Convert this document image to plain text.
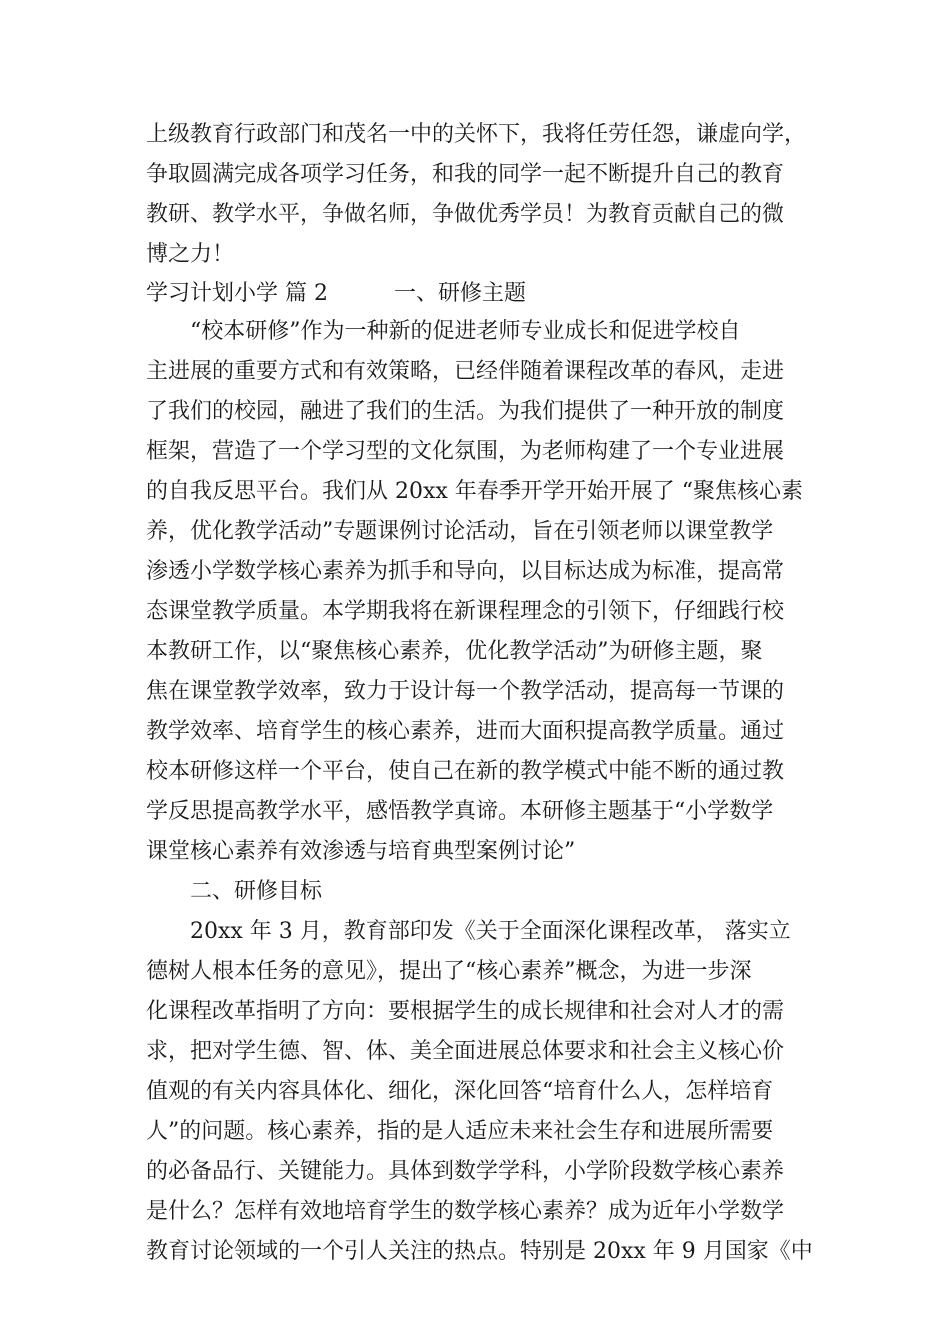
上级教育行政部门和茂名一中的关怀下，我将任劳任怨，谦虚向学，
争取圆满完成各项学习任务，和我的同学一起不断提升自己的教育
教研、教学水平，争做名师，争做优秀学员！为教育贡献自己的微
博之力！
学习计划小学 篇 2　　　一、研修主题
　　“校本研修”作为一种新的促进老师专业成长和促进学校自
主进展的重要方式和有效策略，已经伴随着课程改革的春风，走进
了我们的校园，融进了我们的生活。为我们提供了一种开放的制度
框架，营造了一个学习型的文化氛围，为老师构建了一个专业进展
的自我反思平台。我们从 20xx 年春季开学开始开展了 “聚焦核心素
养，优化教学活动”专题课例讨论活动，旨在引领老师以课堂教学
渗透小学数学核心素养为抓手和导向，以目标达成为标准，提高常
态课堂教学质量。本学期我将在新课程理念的引领下，仔细践行校
本教研工作，以“聚焦核心素养，优化教学活动”为研修主题，聚
焦在课堂教学效率，致力于设计每一个教学活动，提高每一节课的
教学效率、培育学生的核心素养，进而大面积提高教学质量。通过
校本研修这样一个平台，使自己在新的教学模式中能不断的通过教
学反思提高教学水平，感悟教学真谛。本研修主题基于“小学数学
课堂核心素养有效渗透与培育典型案例讨论”
　　二、研修目标
　　20xx 年 3 月，教育部印发《关于全面深化课程改革， 落实立
德树人根本任务的意见》，提出了“核心素养”概念，为进一步深
化课程改革指明了方向：要根据学生的成长规律和社会对人才的需
求，把对学生德、智、体、美全面进展总体要求和社会主义核心价
值观的有关内容具体化、细化，深化回答“培育什么人，怎样培育
人”的问题。核心素养，指的是人适应未来社会生存和进展所需要
的必备品行、关键能力。具体到数学学科，小学阶段数学核心素养
是什么？怎样有效地培育学生的数学核心素养？成为近年小学数学
教育讨论领域的一个引人关注的热点。特别是 20xx 年 9 月国家《中
